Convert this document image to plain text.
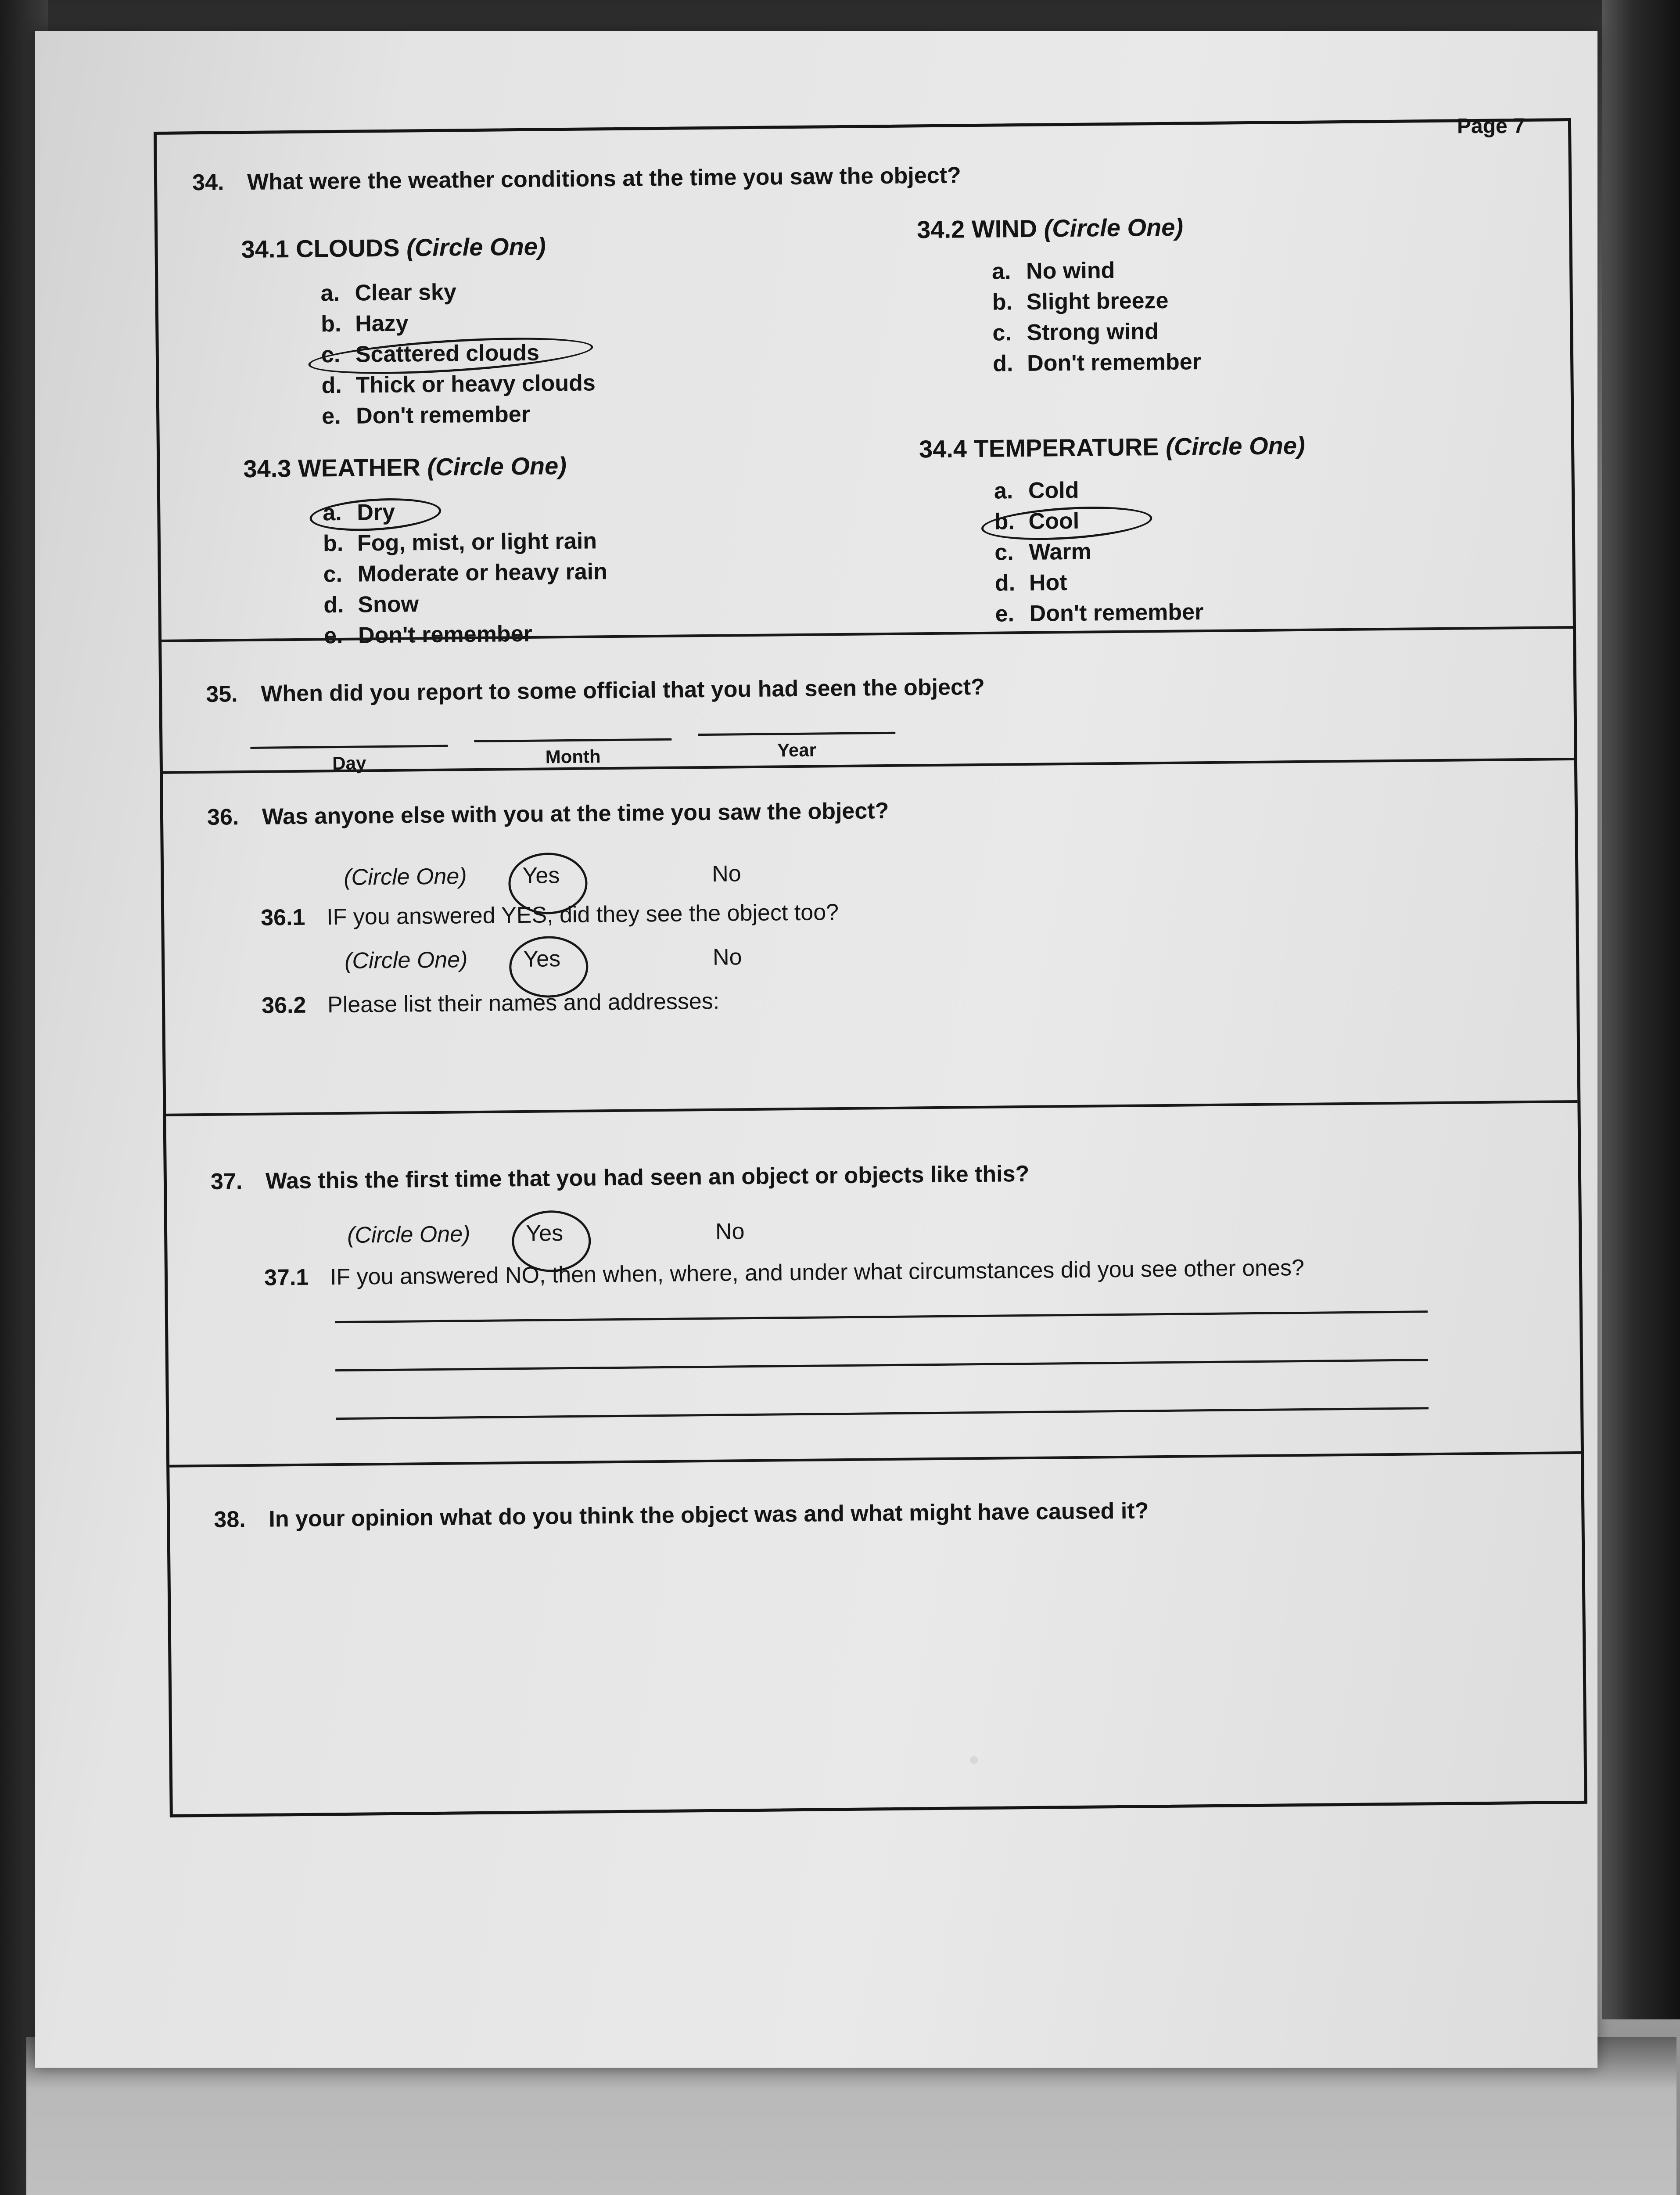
Page 7

34. What were the weather conditions at the time you saw the object?

34.1 CLOUDS (Circle One)

a. Clear sky
b. Hazy
c. Scattered clouds
d. Thick or heavy clouds
e. Don't remember

34.2 WIND (Circle One)

a. No wind
b. Slight breeze
c. Strong wind
d. Don't remember

34.3 WEATHER (Circle One)

a. Dry
b. Fog, mist, or light rain
c. Moderate or heavy rain
d. Snow
e. Don't remember

34.4 TEMPERATURE (Circle One)

a. Cold
b. Cool
c. Warm
d. Hot
e. Don't remember

35. When did you report to some official that you had seen the object?

Day	Month	Year

36. Was anyone else with you at the time you saw the object?

(Circle One) Yes	No

36.1 IF you answered YES, did they see the object too?

(Circle One) Yes	No

36.2 Please list their names and addresses:

37. Was this the first time that you had seen an object or objects like this?

(Circle One) Yes	No

37.1 IF you answered NO, then when, where, and under what circumstances did you see other ones?

38. In your opinion what do you think the object was and what might have caused it?
